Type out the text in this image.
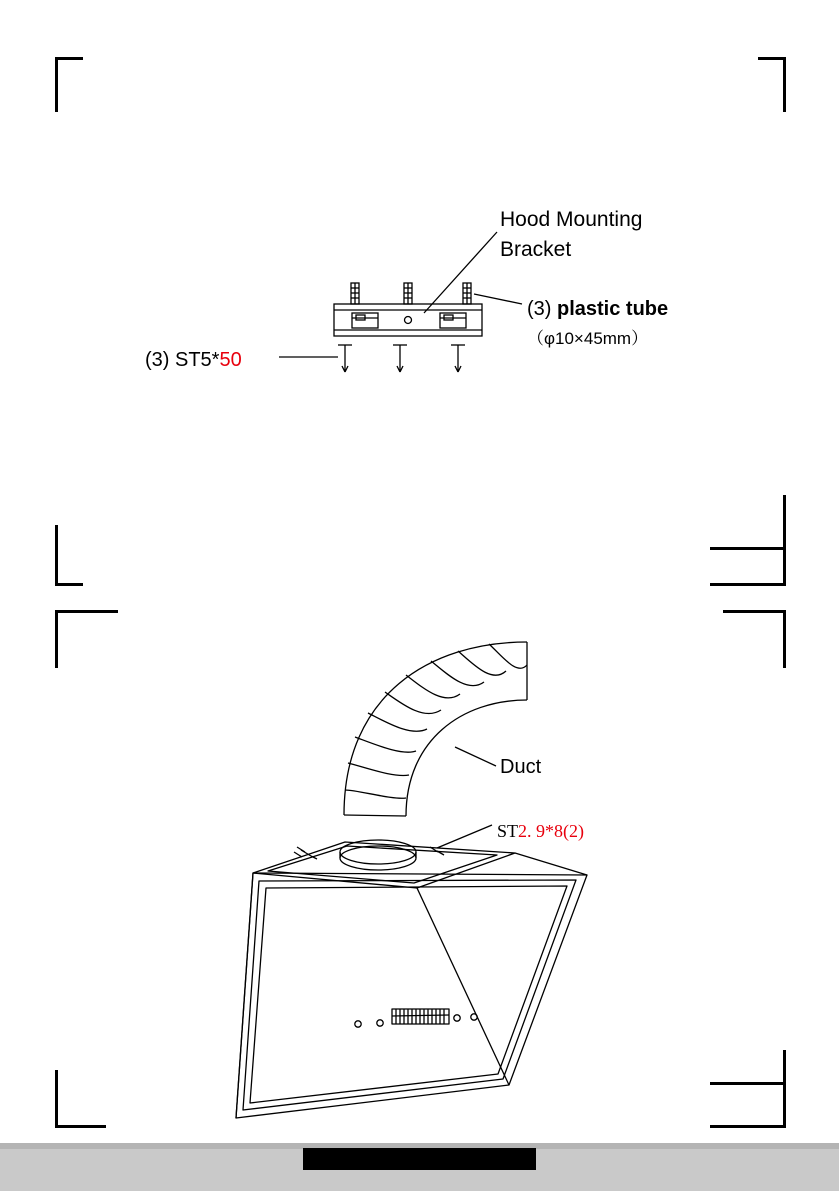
Hood Mounting
Bracket
(3) plastic tube
（φ10×45mm）
(3) ST5*50
Duct
ST2. 9*8(2)
